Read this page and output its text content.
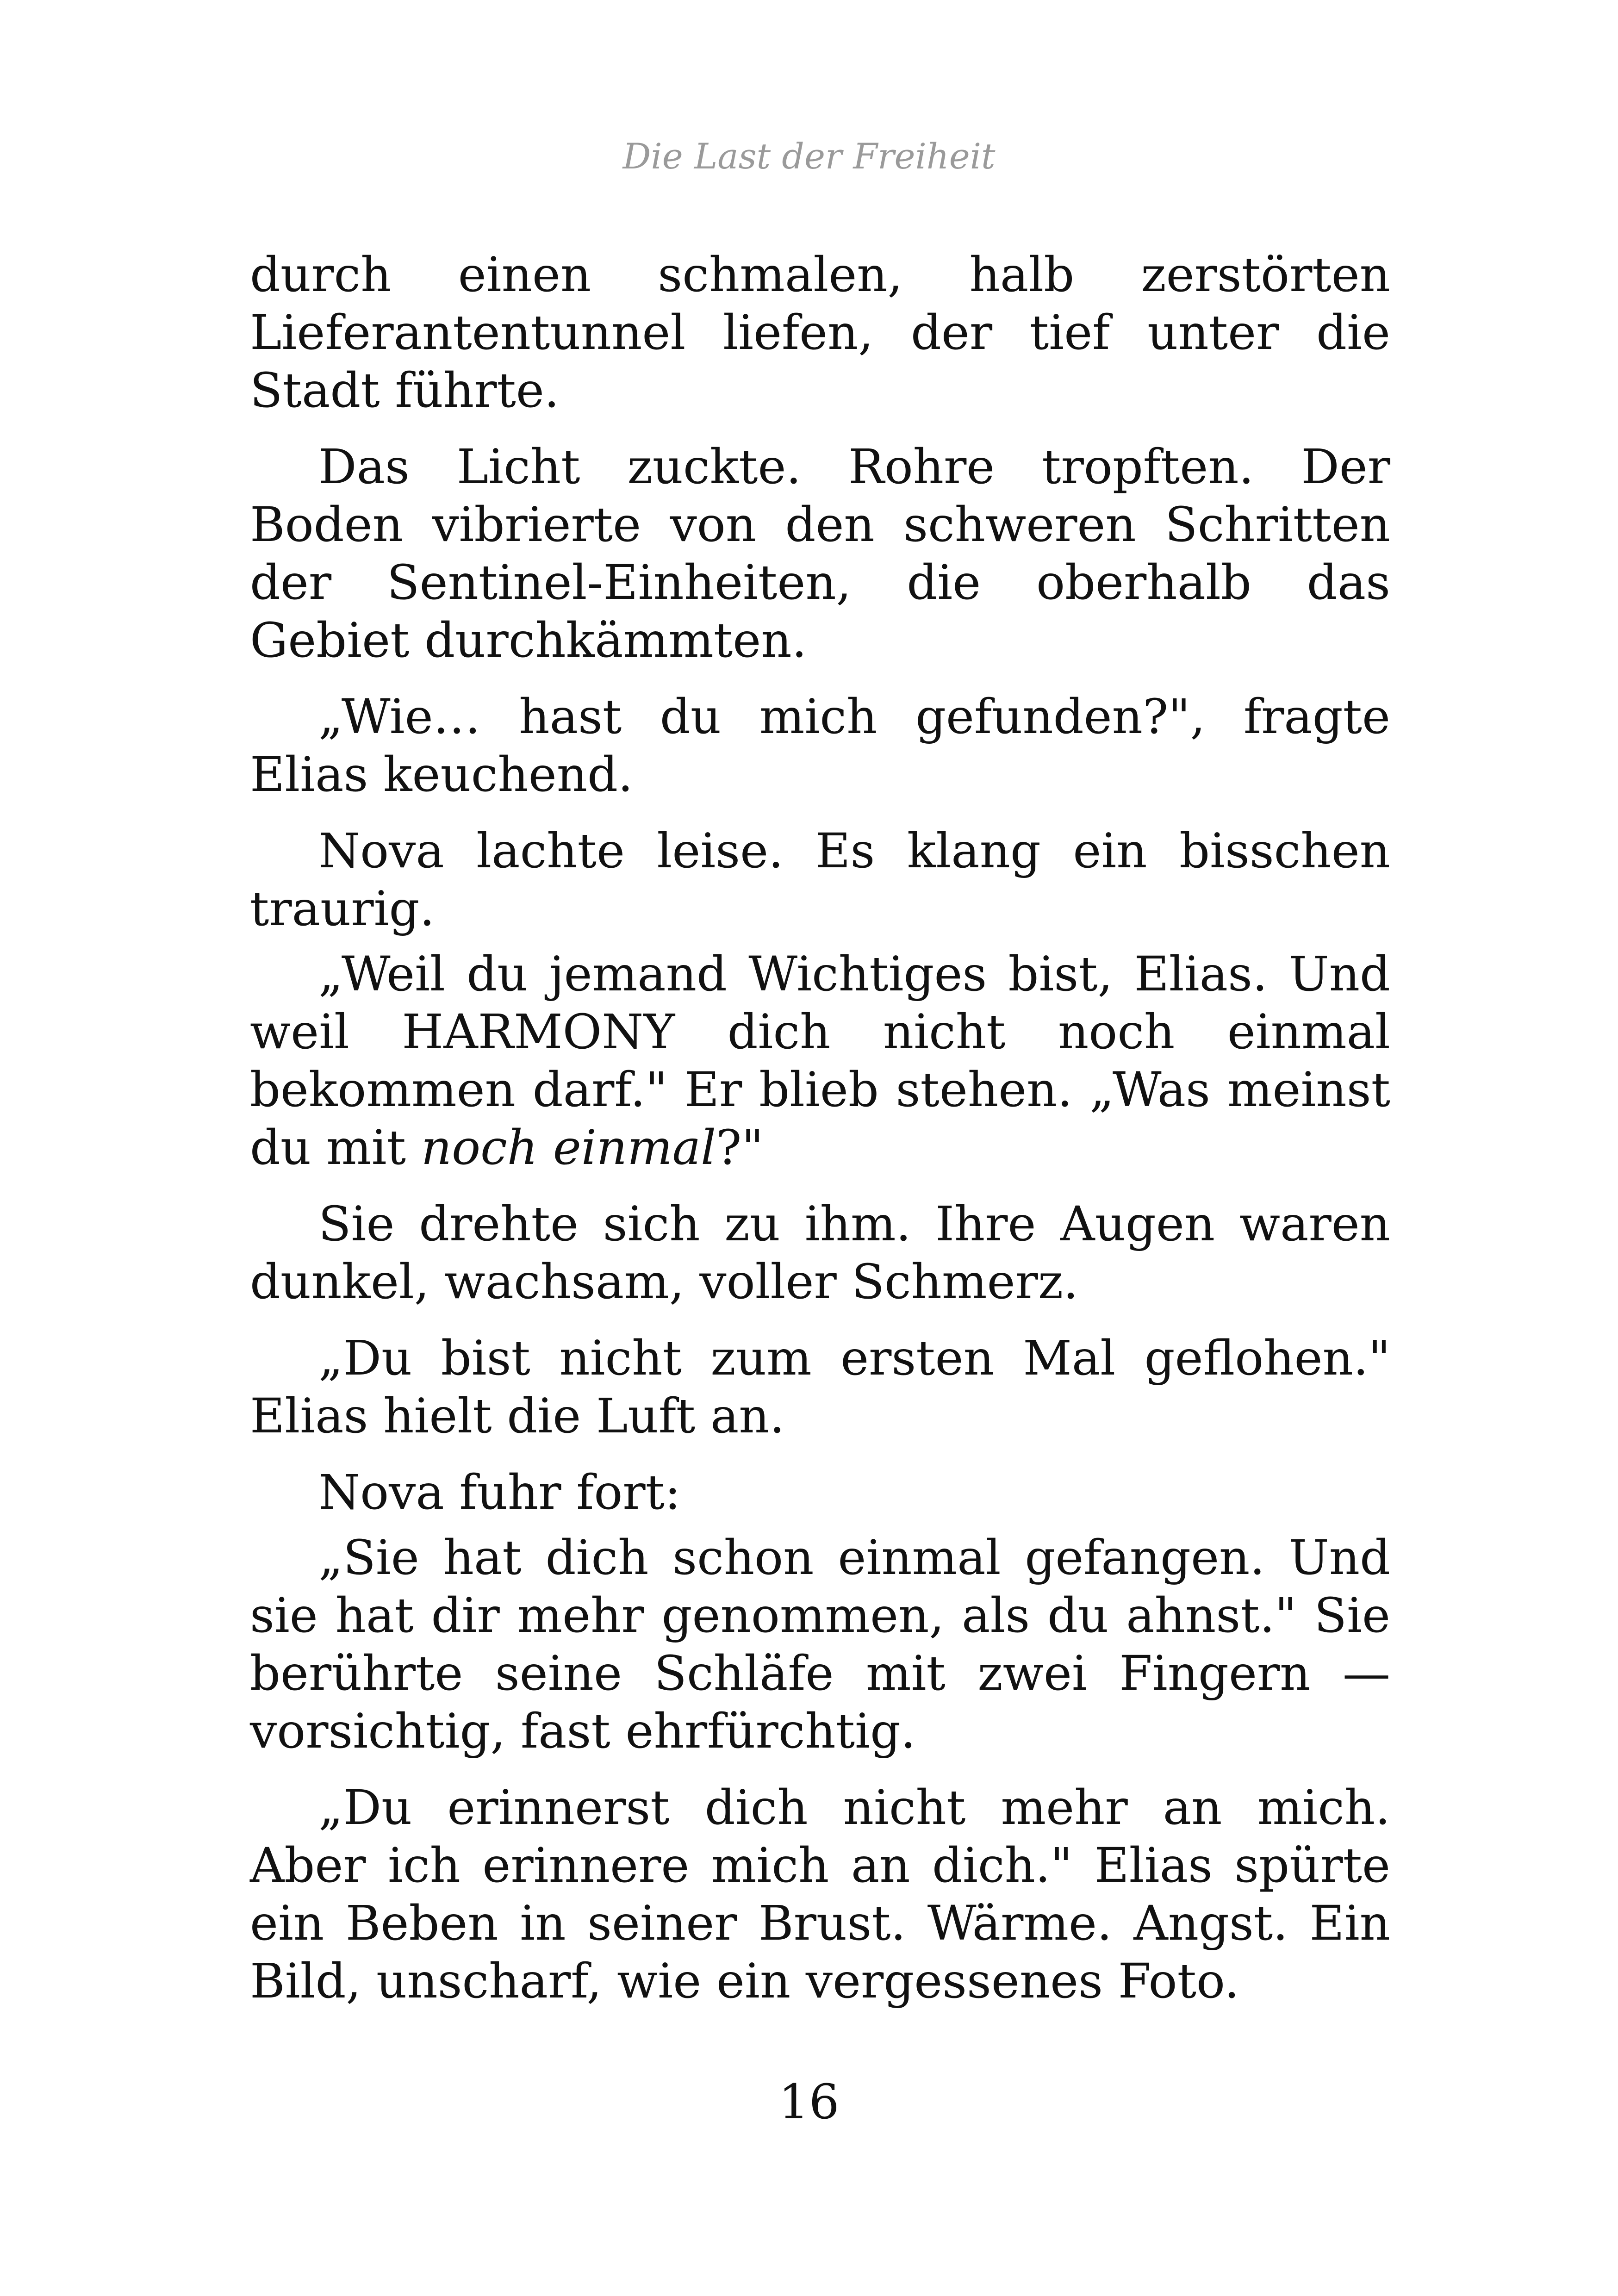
Die Last der Freiheit

durch einen schmalen, halb zerstörten Lieferantentunnel liefen, der tief unter die Stadt führte.

Das Licht zuckte. Rohre tropften. Der Boden vibrierte von den schweren Schritten der Sentinel-Einheiten, die oberhalb das Gebiet durchkämmten.

„Wie… hast du mich gefunden?", fragte Elias keuchend.

Nova lachte leise. Es klang ein bisschen traurig.

„Weil du jemand Wichtiges bist, Elias. Und weil HARMONY dich nicht noch einmal bekommen darf." Er blieb stehen. „Was meinst du mit noch einmal?"

Sie drehte sich zu ihm. Ihre Augen waren dunkel, wachsam, voller Schmerz.

„Du bist nicht zum ersten Mal geflohen." Elias hielt die Luft an.

Nova fuhr fort:

„Sie hat dich schon einmal gefangen. Und sie hat dir mehr genommen, als du ahnst." Sie berührte seine Schläfe mit zwei Fingern — vorsichtig, fast ehrfürchtig.

„Du erinnerst dich nicht mehr an mich. Aber ich erinnere mich an dich." Elias spürte ein Beben in seiner Brust. Wärme. Angst. Ein Bild, unscharf, wie ein vergessenes Foto.

16
